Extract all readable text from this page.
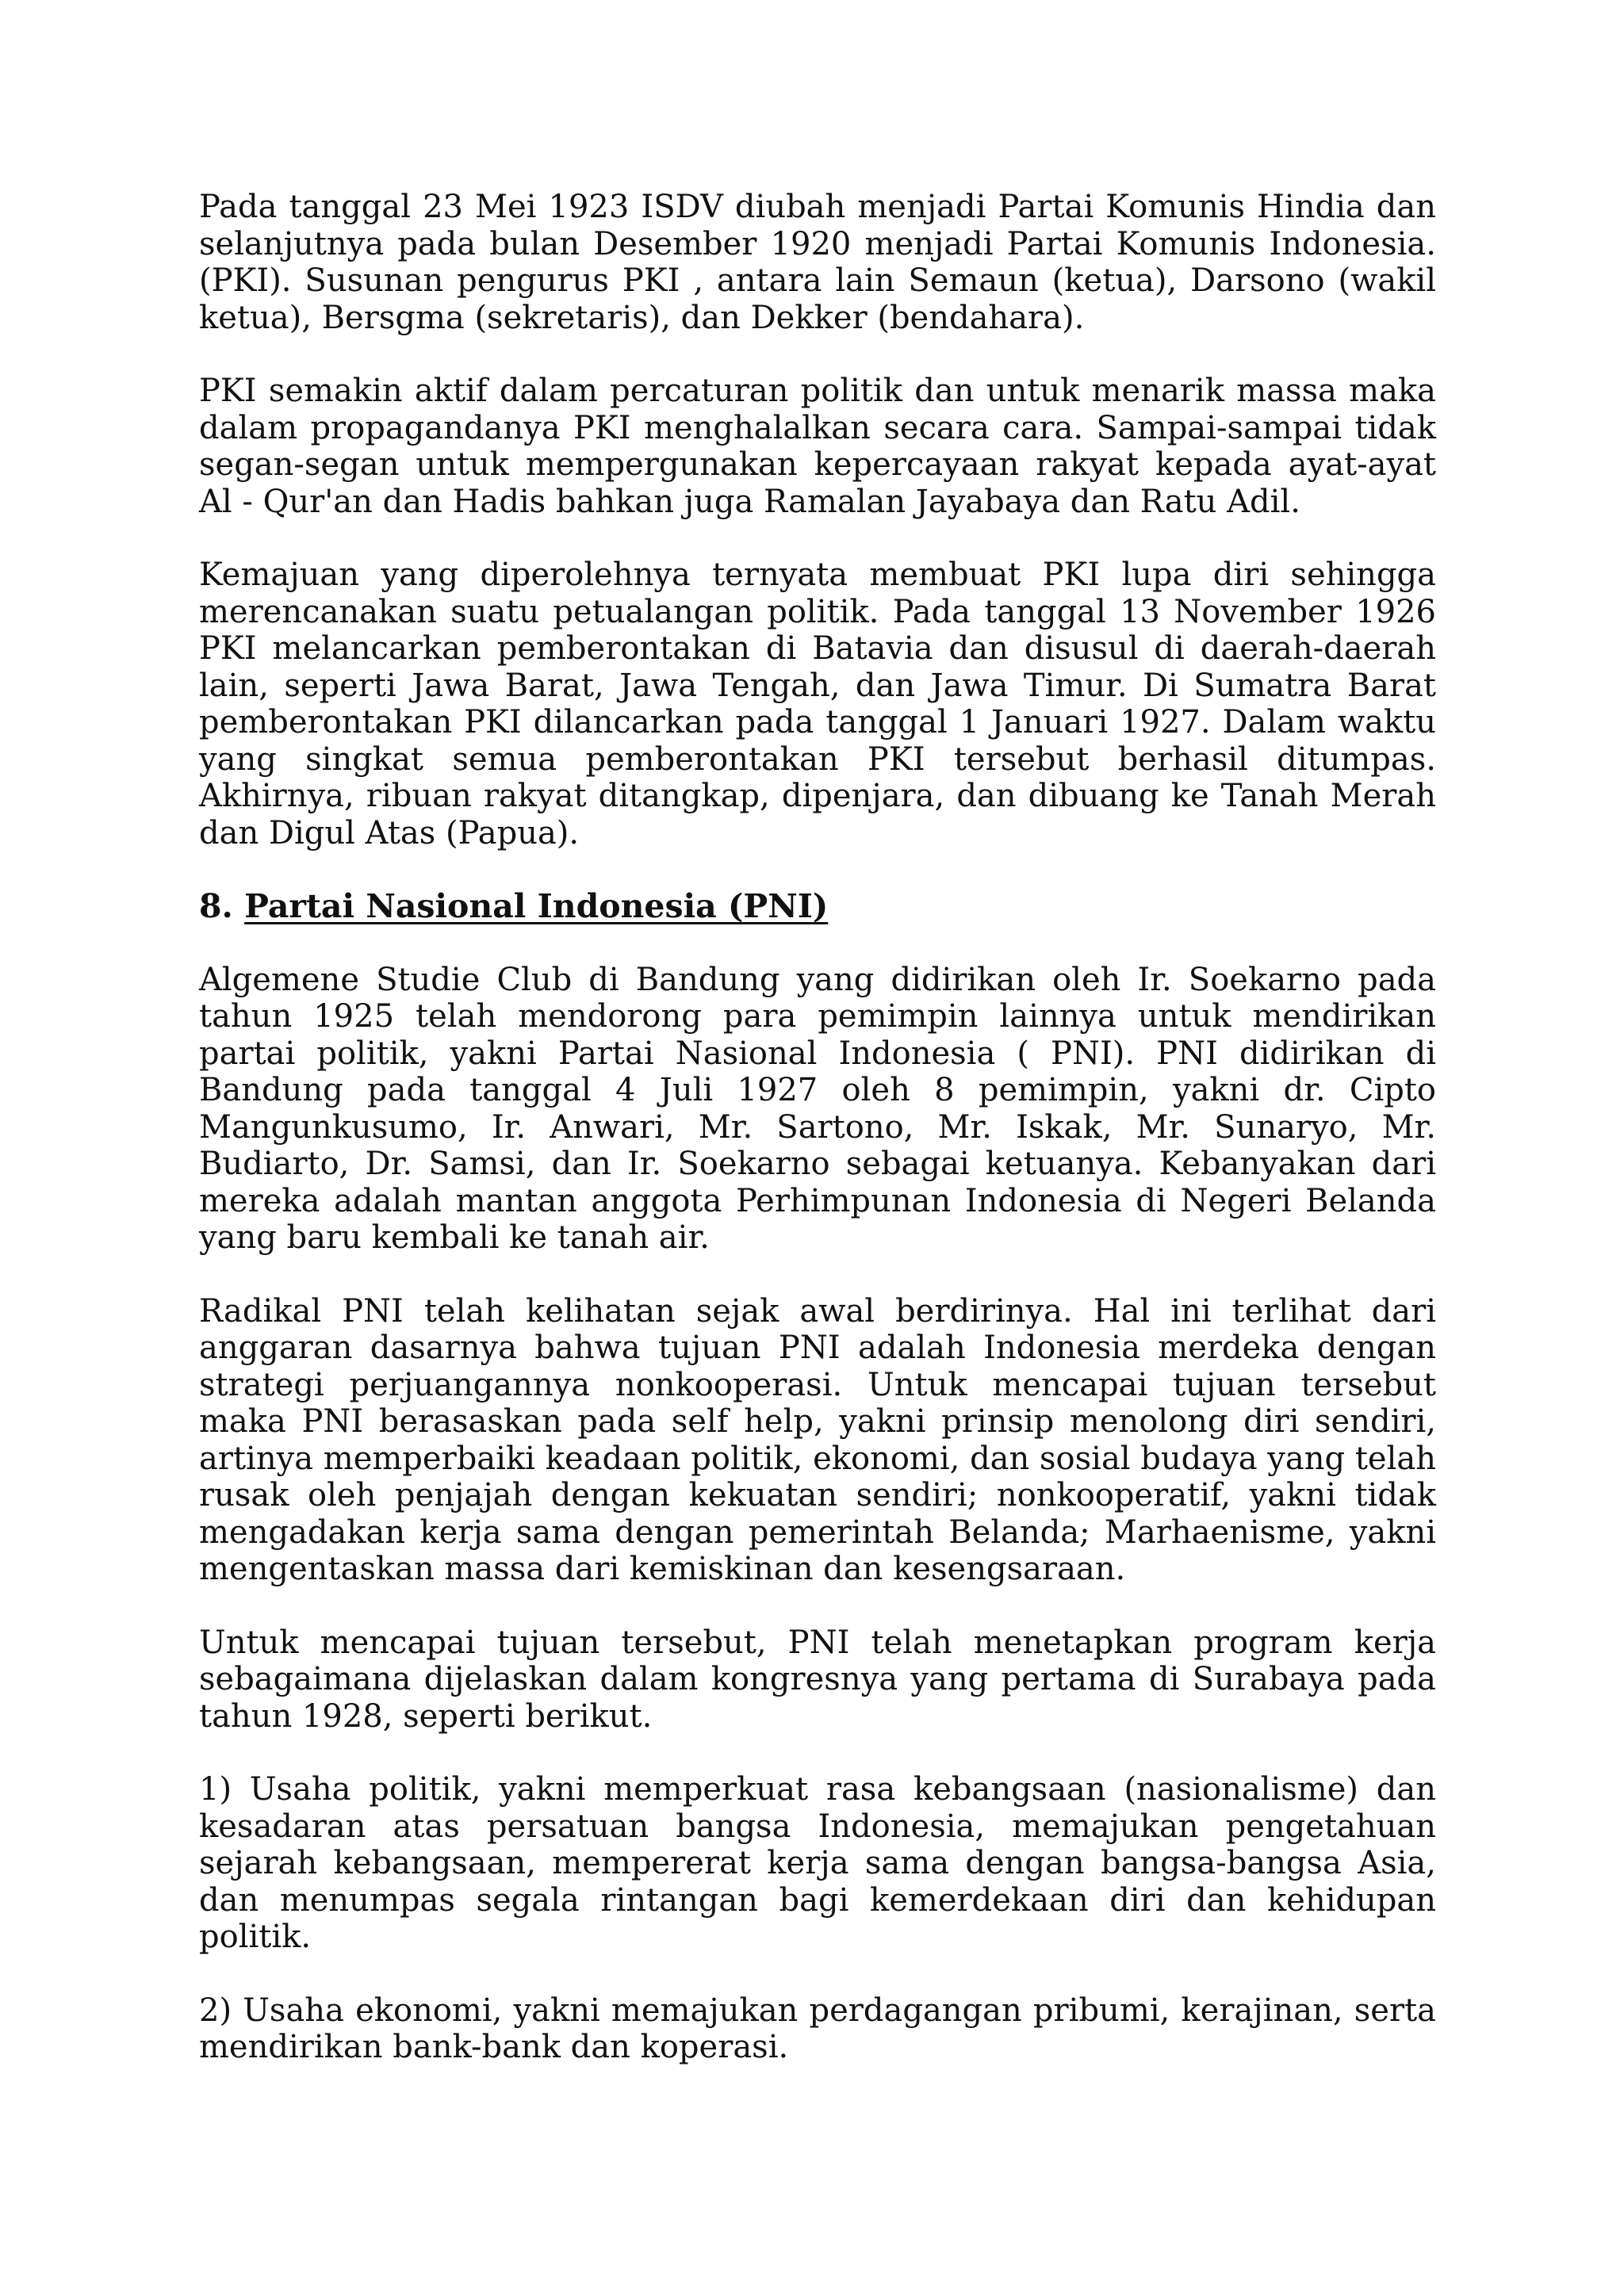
Pada tanggal 23 Mei 1923 ISDV diubah menjadi Partai Komunis Hindia dan selanjutnya pada bulan Desember 1920 menjadi Partai Komunis Indonesia. (PKI). Susunan pengurus PKI , antara lain Semaun (ketua), Darsono (wakil ketua), Bersgma (sekretaris), dan Dekker (bendahara).

PKI semakin aktif dalam percaturan politik dan untuk menarik massa maka dalam propagandanya PKI menghalalkan secara cara. Sampai-sampai tidak segan-segan untuk mempergunakan kepercayaan rakyat kepada ayat-ayat Al - Qur'an dan Hadis bahkan juga Ramalan Jayabaya dan Ratu Adil.

Kemajuan yang diperolehnya ternyata membuat PKI lupa diri sehingga merencanakan suatu petualangan politik. Pada tanggal 13 November 1926 PKI melancarkan pemberontakan di Batavia dan disusul di daerah-daerah lain, seperti Jawa Barat, Jawa Tengah, dan Jawa Timur. Di Sumatra Barat pemberontakan PKI dilancarkan pada tanggal 1 Januari 1927. Dalam waktu yang singkat semua pemberontakan PKI tersebut berhasil ditumpas. Akhirnya, ribuan rakyat ditangkap, dipenjara, dan dibuang ke Tanah Merah dan Digul Atas (Papua).

8. Partai Nasional Indonesia (PNI)

Algemene Studie Club di Bandung yang didirikan oleh Ir. Soekarno pada tahun 1925 telah mendorong para pemimpin lainnya untuk mendirikan partai politik, yakni Partai Nasional Indonesia ( PNI). PNI didirikan di Bandung pada tanggal 4 Juli 1927 oleh 8 pemimpin, yakni dr. Cipto Mangunkusumo, Ir. Anwari, Mr. Sartono, Mr. Iskak, Mr. Sunaryo, Mr. Budiarto, Dr. Samsi, dan Ir. Soekarno sebagai ketuanya. Kebanyakan dari mereka adalah mantan anggota Perhimpunan Indonesia di Negeri Belanda yang baru kembali ke tanah air.

Radikal PNI telah kelihatan sejak awal berdirinya. Hal ini terlihat dari anggaran dasarnya bahwa tujuan PNI adalah Indonesia merdeka dengan strategi perjuangannya nonkooperasi. Untuk mencapai tujuan tersebut maka PNI berasaskan pada self help, yakni prinsip menolong diri sendiri, artinya memperbaiki keadaan politik, ekonomi, dan sosial budaya yang telah rusak oleh penjajah dengan kekuatan sendiri; nonkooperatif, yakni tidak mengadakan kerja sama dengan pemerintah Belanda; Marhaenisme, yakni mengentaskan massa dari kemiskinan dan kesengsaraan.

Untuk mencapai tujuan tersebut, PNI telah menetapkan program kerja sebagaimana dijelaskan dalam kongresnya yang pertama di Surabaya pada tahun 1928, seperti berikut.

1) Usaha politik, yakni memperkuat rasa kebangsaan (nasionalisme) dan kesadaran atas persatuan bangsa Indonesia, memajukan pengetahuan sejarah kebangsaan, mempererat kerja sama dengan bangsa-bangsa Asia, dan menumpas segala rintangan bagi kemerdekaan diri dan kehidupan politik.

2) Usaha ekonomi, yakni memajukan perdagangan pribumi, kerajinan, serta mendirikan bank-bank dan koperasi.
